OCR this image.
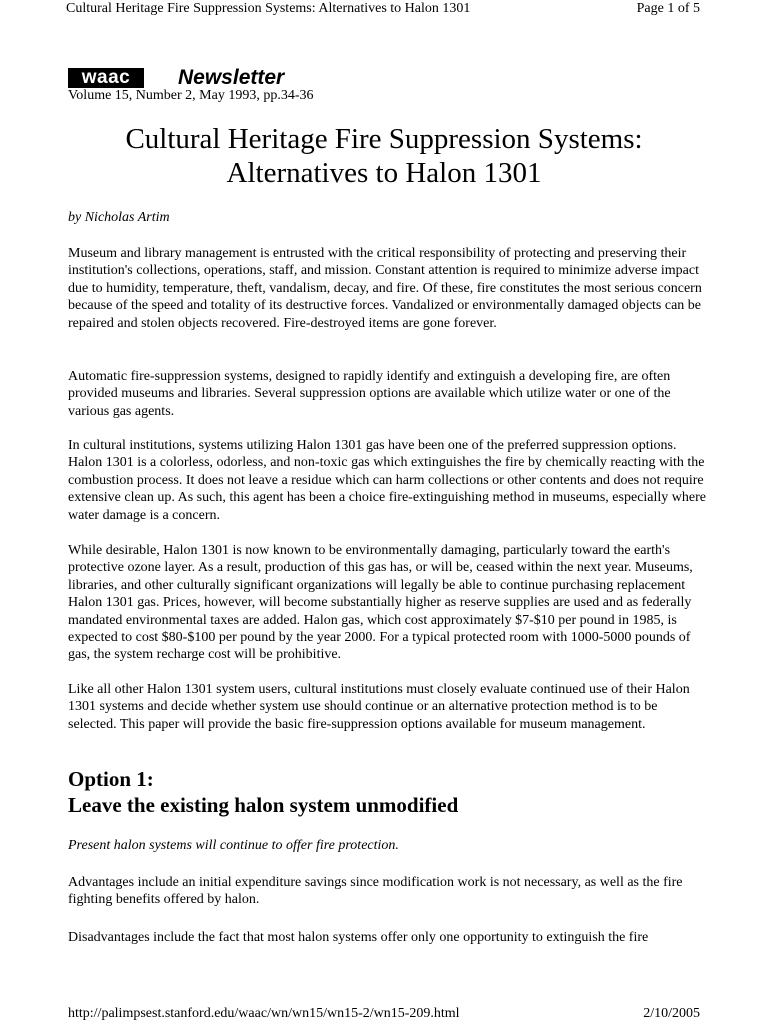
Cultural Heritage Fire Suppression Systems: Alternatives to Halon 1301	Page 1 of 5
waac	Newsletter
Volume 15, Number 2, May 1993, pp.34-36
Cultural Heritage Fire Suppression Systems:
Alternatives to Halon 1301
by Nicholas Artim

Museum and library management is entrusted with the critical responsibility of protecting and preserving their institution's collections, operations, staff, and mission. Constant attention is required to minimize adverse impact due to humidity, temperature, theft, vandalism, decay, and fire. Of these, fire constitutes the most serious concern because of the speed and totality of its destructive forces. Vandalized or environmentally damaged objects can be repaired and stolen objects recovered. Fire-destroyed items are gone forever.

Automatic fire-suppression systems, designed to rapidly identify and extinguish a developing fire, are often provided museums and libraries. Several suppression options are available which utilize water or one of the various gas agents.

In cultural institutions, systems utilizing Halon 1301 gas have been one of the preferred suppression options. Halon 1301 is a colorless, odorless, and non-toxic gas which extinguishes the fire by chemically reacting with the combustion process. It does not leave a residue which can harm collections or other contents and does not require extensive clean up. As such, this agent has been a choice fire-extinguishing method in museums, especially where water damage is a concern.

While desirable, Halon 1301 is now known to be environmentally damaging, particularly toward the earth's protective ozone layer. As a result, production of this gas has, or will be, ceased within the next year. Museums, libraries, and other culturally significant organizations will legally be able to continue purchasing replacement Halon 1301 gas. Prices, however, will become substantially higher as reserve supplies are used and as federally mandated environmental taxes are added. Halon gas, which cost approximately $7-$10 per pound in 1985, is expected to cost $80-$100 per pound by the year 2000. For a typical protected room with 1000-5000 pounds of gas, the system recharge cost will be prohibitive.

Like all other Halon 1301 system users, cultural institutions must closely evaluate continued use of their Halon 1301 systems and decide whether system use should continue or an alternative protection method is to be selected. This paper will provide the basic fire-suppression options available for museum management.

Option 1:
Leave the existing halon system unmodified
Present halon systems will continue to offer fire protection.

Advantages include an initial expenditure savings since modification work is not necessary, as well as the fire fighting benefits offered by halon.

Disadvantages include the fact that most halon systems offer only one opportunity to extinguish the fire

http://palimpsest.stanford.edu/waac/wn/wn15/wn15-2/wn15-209.html	2/10/2005
